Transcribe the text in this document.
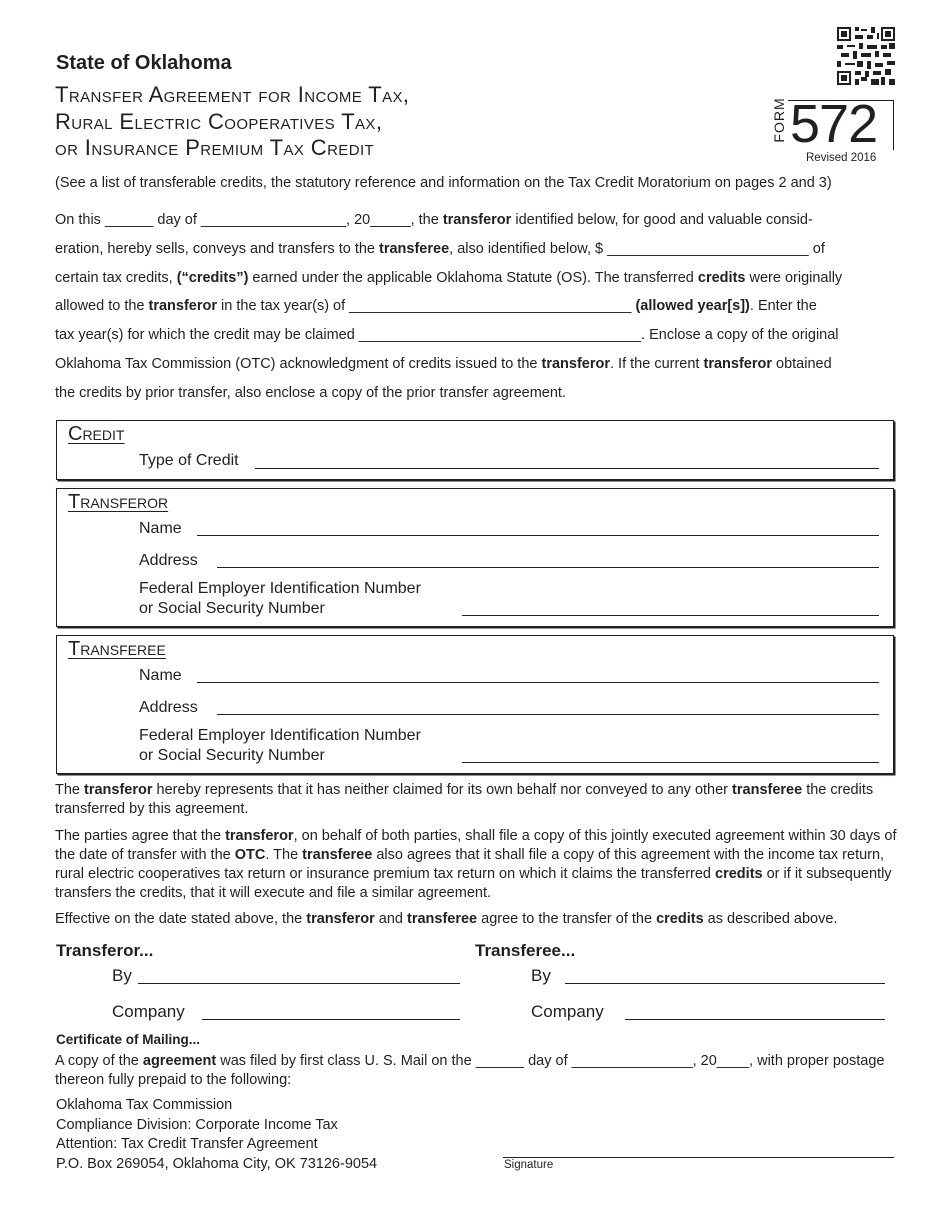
State of Oklahoma
Transfer Agreement for Income Tax,
Rural Electric Cooperatives Tax,
or Insurance Premium Tax Credit
FORM 572
Revised 2016
(See a list of transferable credits, the statutory reference and information on the Tax Credit Moratorium on pages 2 and 3)

On this ______ day of __________________, 20_____, the transferor identified below, for good and valuable consid-

eration, hereby sells, conveys and transfers to the transferee, also identified below, $ _________________________ of

certain tax credits, (“credits”) earned under the applicable Oklahoma Statute (OS). The transferred credits were originally

allowed to the transferor in the tax year(s) of ___________________________________ (allowed year[s]). Enter the

tax year(s) for which the credit may be claimed ___________________________________. Enclose a copy of the original

Oklahoma Tax Commission (OTC) acknowledgment of credits issued to the transferor. If the current transferor obtained

the credits by prior transfer, also enclose a copy of the prior transfer agreement.

Credit
Type of Credit
Transferor
Name
Address
Federal Employer Identification Number
or Social Security Number
Transferee
Name
Address
Federal Employer Identification Number
or Social Security Number
The transferor hereby represents that it has neither claimed for its own behalf nor conveyed to any other transferee the credits transferred by this agreement.
The parties agree that the transferor, on behalf of both parties, shall file a copy of this jointly executed agreement within 30 days of the date of transfer with the OTC. The transferee also agrees that it shall file a copy of this agreement with the income tax return, rural electric cooperatives tax return or insurance premium tax return on which it claims the transferred credits or if it subsequently transfers the credits, that it will execute and file a similar agreement.
Effective on the date stated above, the transferor and transferee agree to the transfer of the credits as described above.
Transferor...	Transferee...
By	By
Company	Company
Certificate of Mailing...
A copy of the agreement was filed by first class U. S. Mail on the ______ day of _______________, 20____, with proper postage thereon fully prepaid to the following:
Oklahoma Tax Commission
Compliance Division: Corporate Income Tax
Attention: Tax Credit Transfer Agreement
P.O. Box 269054, Oklahoma City, OK 73126-9054	Signature
